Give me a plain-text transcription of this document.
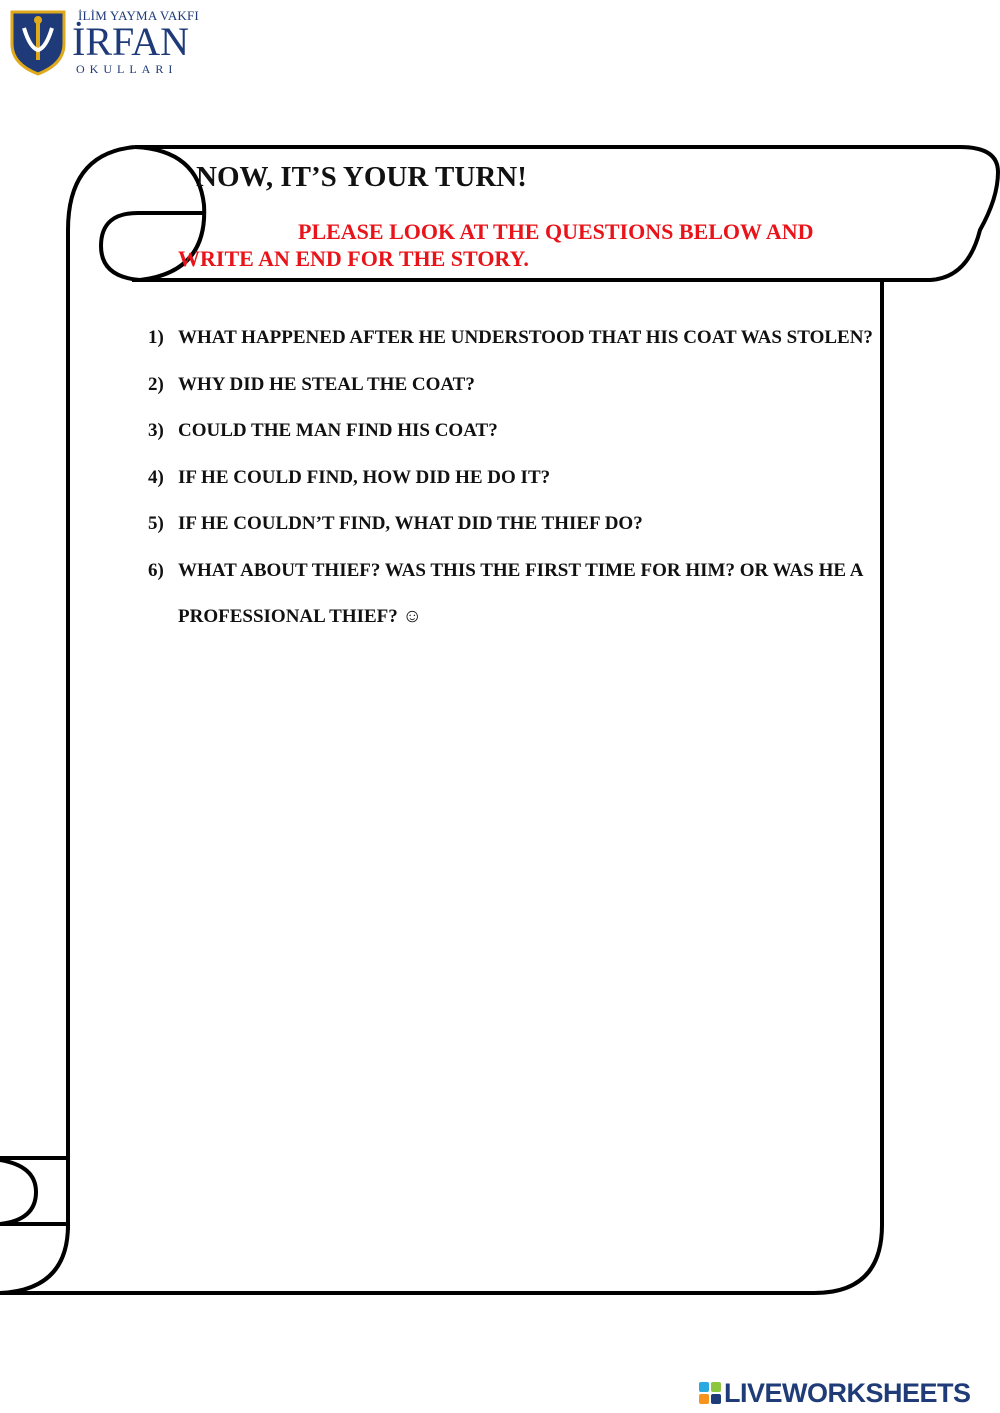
İLİM YAYMA VAKFI
İRFAN
OKULLARI
NOW, IT’S YOUR TURN!
PLEASE LOOK AT THE QUESTIONS BELOW AND WRITE AN END FOR THE STORY.
1) WHAT HAPPENED AFTER HE UNDERSTOOD THAT HIS COAT WAS STOLEN?
2) WHY DID HE STEAL THE COAT?
3) COULD THE MAN FIND HIS COAT?
4) IF HE COULD FIND, HOW DID HE DO IT?
5) IF HE COULDN’T FIND, WHAT DID THE THIEF DO?
6) WHAT ABOUT THIEF? WAS THIS THE FIRST TIME FOR HIM? OR WAS HE A PROFESSIONAL THIEF? ☺
LIVEWORKSHEETS
